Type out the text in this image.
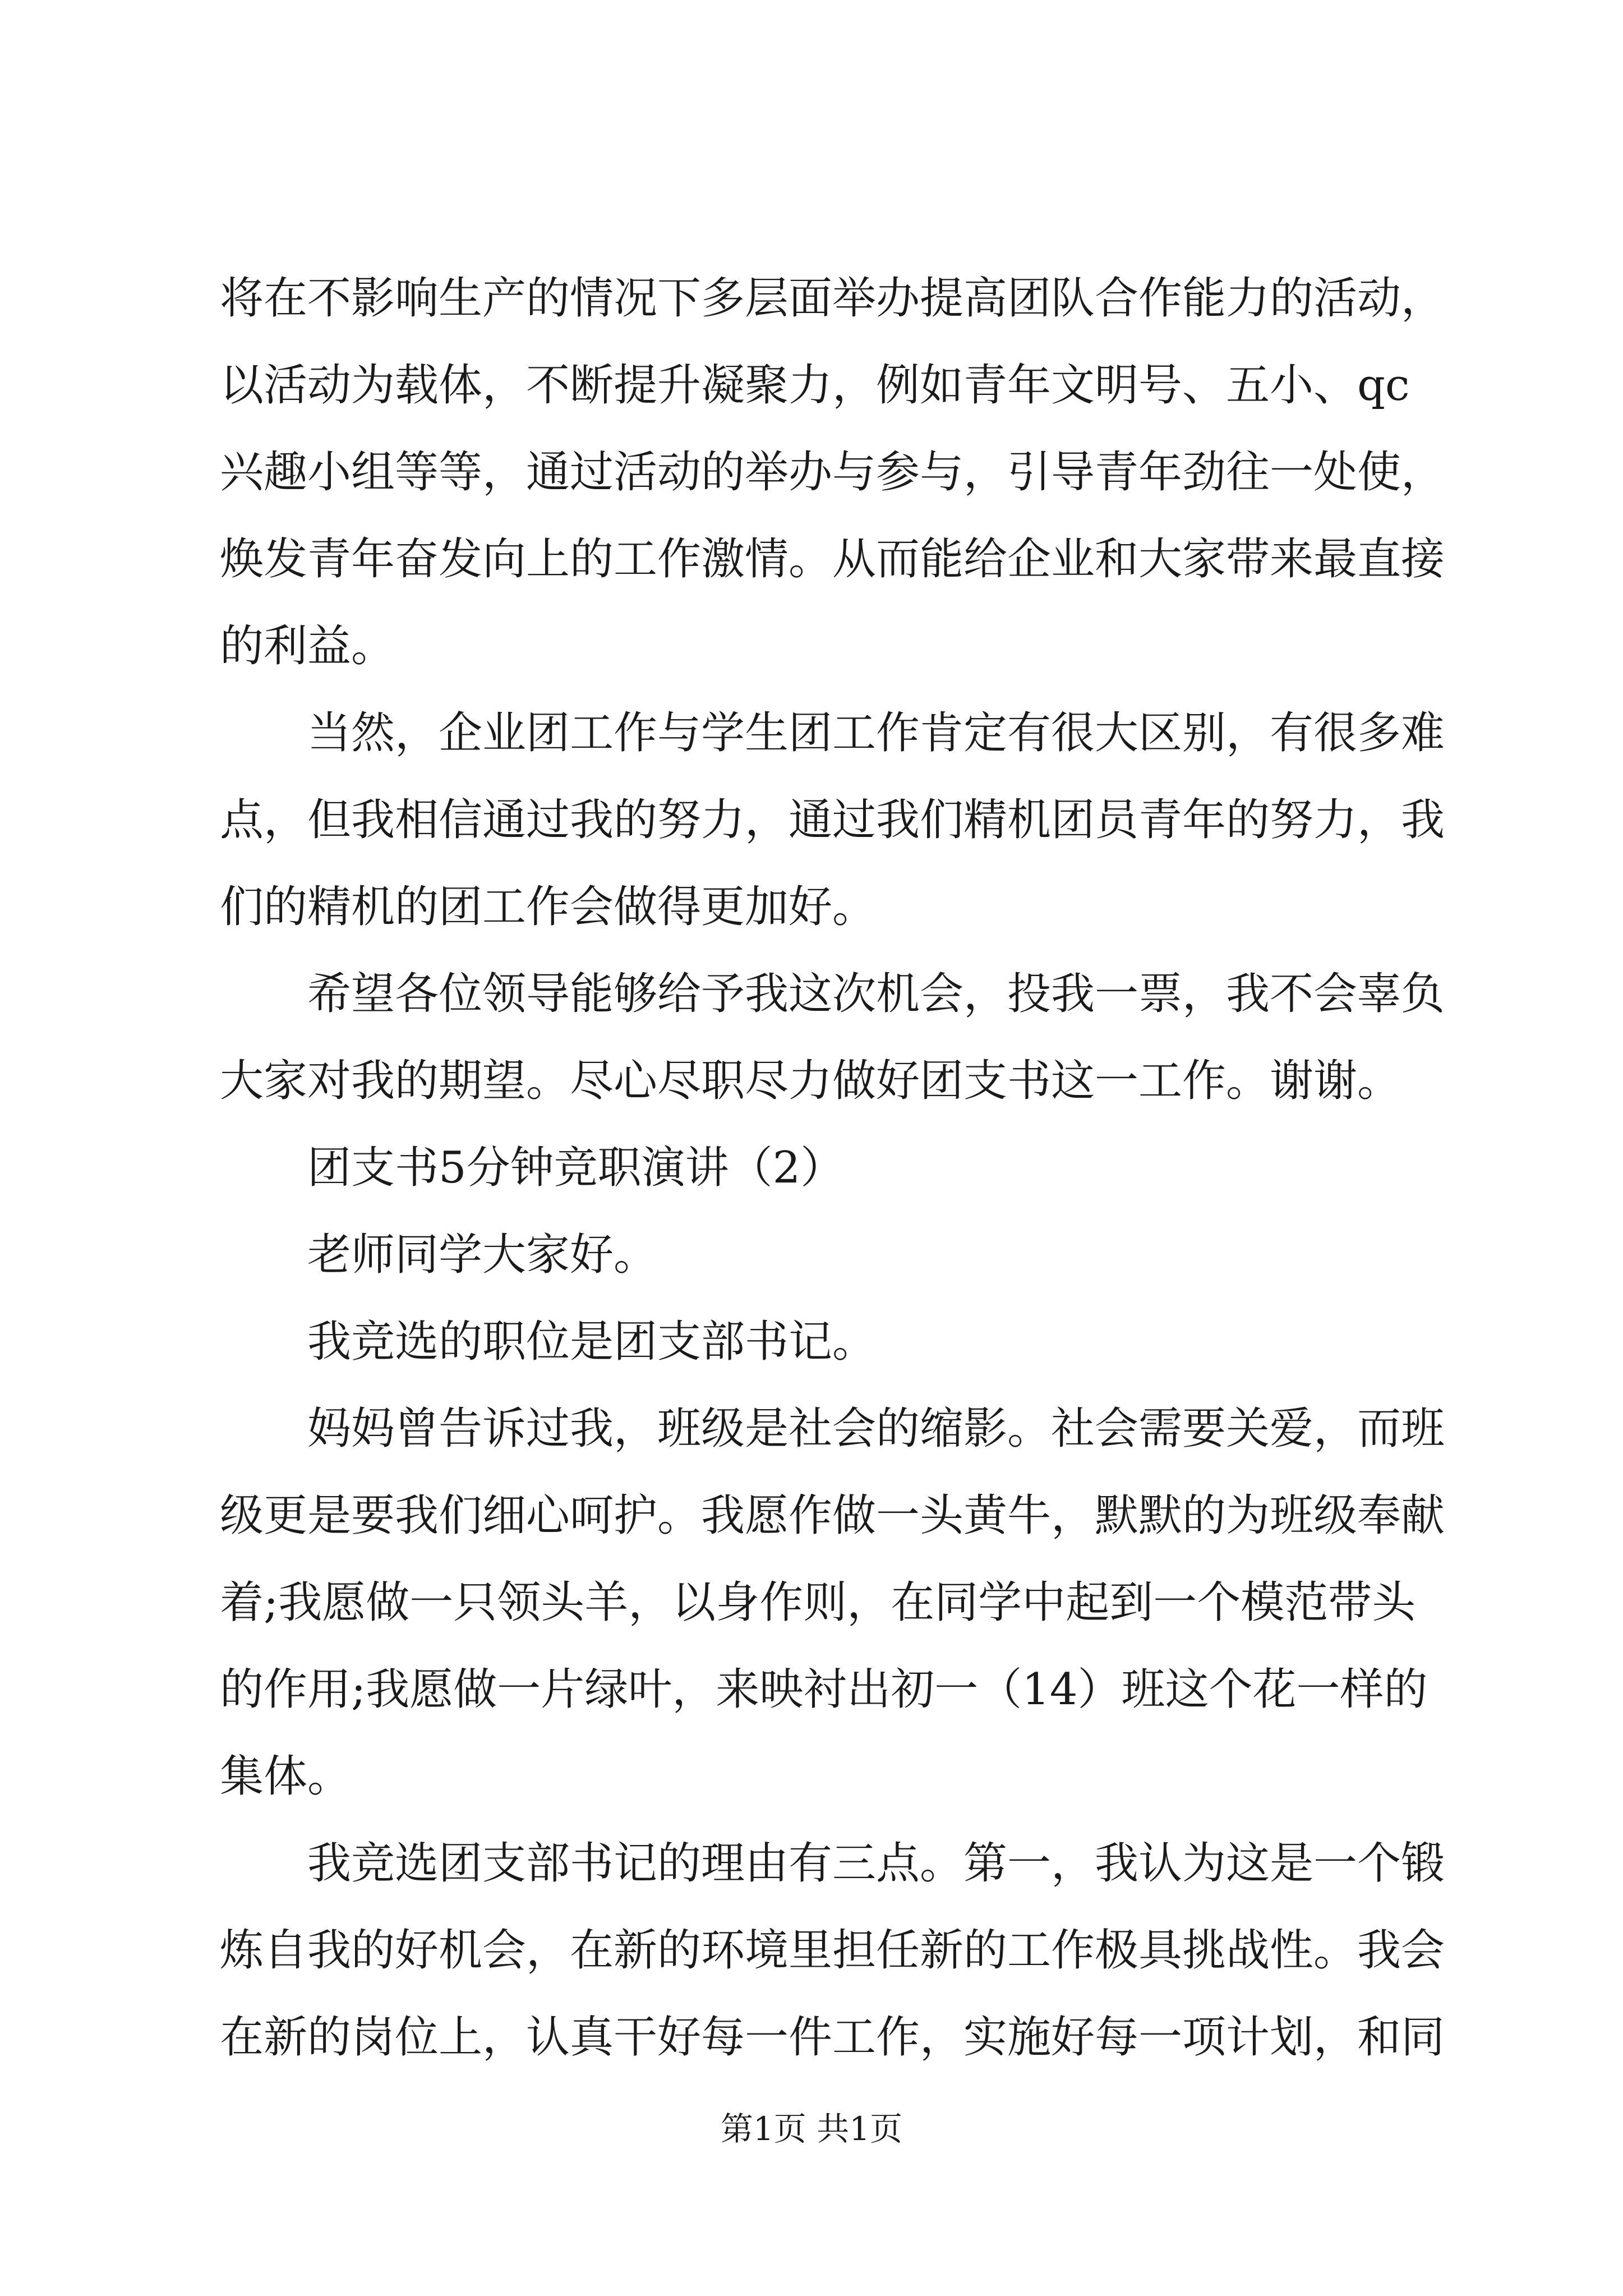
将在不影响生产的情况下多层面举办提高团队合作能力的活动，
以活动为载体，不断提升凝聚力，例如青年文明号、五小、qc
兴趣小组等等，通过活动的举办与参与，引导青年劲往一处使，
焕发青年奋发向上的工作激情。从而能给企业和大家带来最直接
的利益。
当然，企业团工作与学生团工作肯定有很大区别，有很多难
点，但我相信通过我的努力，通过我们精机团员青年的努力，我
们的精机的团工作会做得更加好。
希望各位领导能够给予我这次机会，投我一票，我不会辜负
大家对我的期望。尽心尽职尽力做好团支书这一工作。谢谢。
团支书5分钟竞职演讲（2）
老师同学大家好。
我竞选的职位是团支部书记。
妈妈曾告诉过我，班级是社会的缩影。社会需要关爱，而班
级更是要我们细心呵护。我愿作做一头黄牛，默默的为班级奉献
着;我愿做一只领头羊，以身作则，在同学中起到一个模范带头
的作用;我愿做一片绿叶，来映衬出初一（14）班这个花一样的
集体。
我竞选团支部书记的理由有三点。第一，我认为这是一个锻
炼自我的好机会，在新的环境里担任新的工作极具挑战性。我会
在新的岗位上，认真干好每一件工作，实施好每一项计划，和同
第1页 共1页
